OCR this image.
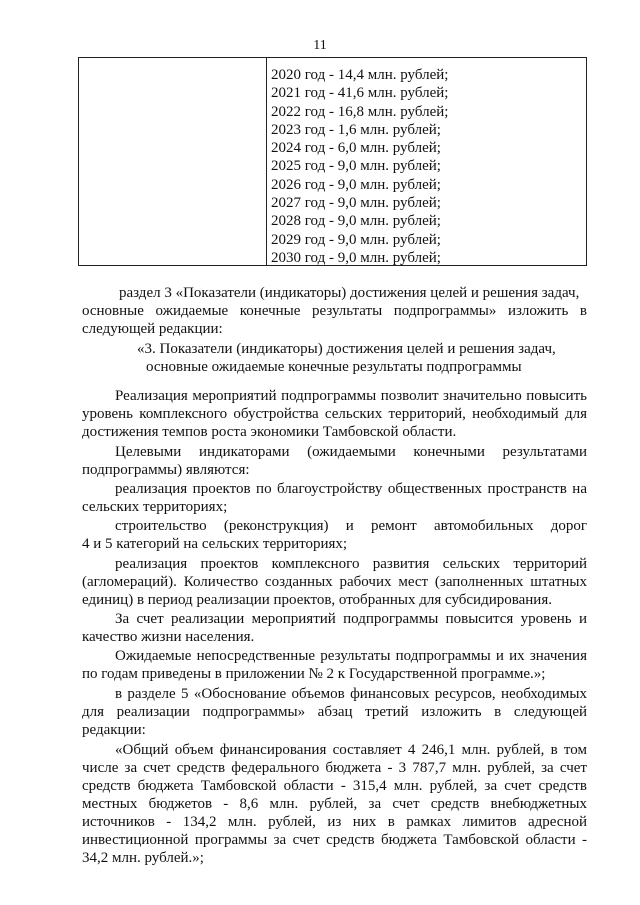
11
2020 год - 14,4 млн. рублей;
2021 год - 41,6 млн. рублей;
2022 год - 16,8 млн. рублей;
2023 год - 1,6 млн. рублей;
2024 год - 6,0 млн. рублей;
2025 год - 9,0 млн. рублей;
2026 год - 9,0 млн. рублей;
2027 год - 9,0 млн. рублей;
2028 год - 9,0 млн. рублей;
2029 год - 9,0 млн. рублей;
2030 год - 9,0 млн. рублей;
раздел 3 «Показатели (индикаторы) достижения целей и решения задач,
основные ожидаемые конечные результаты подпрограммы» изложить в
следующей редакции:
«3. Показатели (индикаторы) достижения целей и решения задач,
основные ожидаемые конечные результаты подпрограммы
Реализация мероприятий подпрограммы позволит значительно повысить
уровень комплексного обустройства сельских территорий, необходимый для
достижения темпов роста экономики Тамбовской области.
Целевыми индикаторами (ожидаемыми конечными результатами
подпрограммы) являются:
реализация проектов по благоустройству общественных пространств на
сельских территориях;
строительство (реконструкция) и ремонт автомобильных дорог
4 и 5 категорий на сельских территориях;
реализация проектов комплексного развития сельских территорий
(агломераций). Количество созданных рабочих мест (заполненных штатных
единиц) в период реализации проектов, отобранных для субсидирования.
За счет реализации мероприятий подпрограммы повысится уровень и
качество жизни населения.
Ожидаемые непосредственные результаты подпрограммы и их значения
по годам приведены в приложении № 2 к Государственной программе.»;
в разделе 5 «Обоснование объемов финансовых ресурсов, необходимых
для реализации подпрограммы» абзац третий изложить в следующей
редакции:
«Общий объем финансирования составляет 4 246,1 млн. рублей, в том
числе за счет средств федерального бюджета - 3 787,7 млн. рублей, за счет
средств бюджета Тамбовской области - 315,4 млн. рублей, за счет средств
местных бюджетов - 8,6 млн. рублей, за счет средств внебюджетных
источников - 134,2 млн. рублей, из них в рамках лимитов адресной
инвестиционной программы за счет средств бюджета Тамбовской области -
34,2 млн. рублей.»;
